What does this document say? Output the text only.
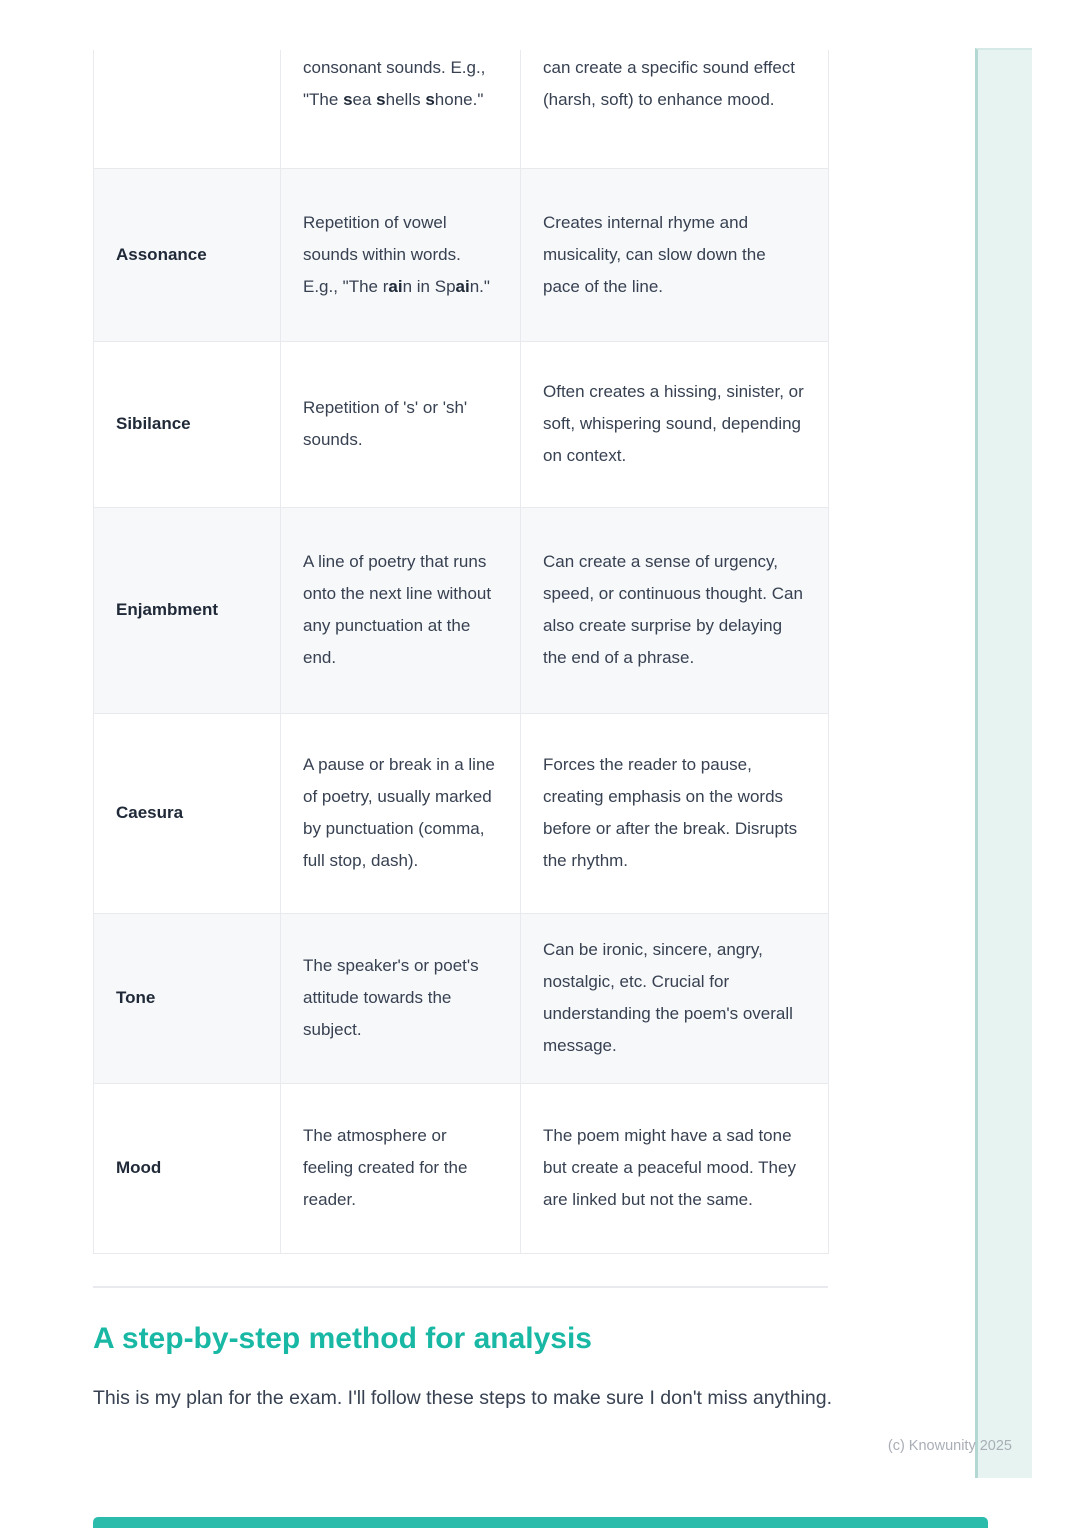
	consonant sounds. E.g., "The sea shells shone."	can create a specific sound effect (harsh, soft) to enhance mood.
Assonance	Repetition of vowel sounds within words. E.g., "The rain in Spain."	Creates internal rhyme and musicality, can slow down the pace of the line.
Sibilance	Repetition of 's' or 'sh' sounds.	Often creates a hissing, sinister, or soft, whispering sound, depending on context.
Enjambment	A line of poetry that runs onto the next line without any punctuation at the end.	Can create a sense of urgency, speed, or continuous thought. Can also create surprise by delaying the end of a phrase.
Caesura	A pause or break in a line of poetry, usually marked by punctuation (comma, full stop, dash).	Forces the reader to pause, creating emphasis on the words before or after the break. Disrupts the rhythm.
Tone	The speaker's or poet's attitude towards the subject.	Can be ironic, sincere, angry, nostalgic, etc. Crucial for understanding the poem's overall message.
Mood	The atmosphere or feeling created for the reader.	The poem might have a sad tone but create a peaceful mood. They are linked but not the same.
A step-by-step method for analysis

This is my plan for the exam. I'll follow these steps to make sure I don't miss anything.

(c) Knowunity 2025
